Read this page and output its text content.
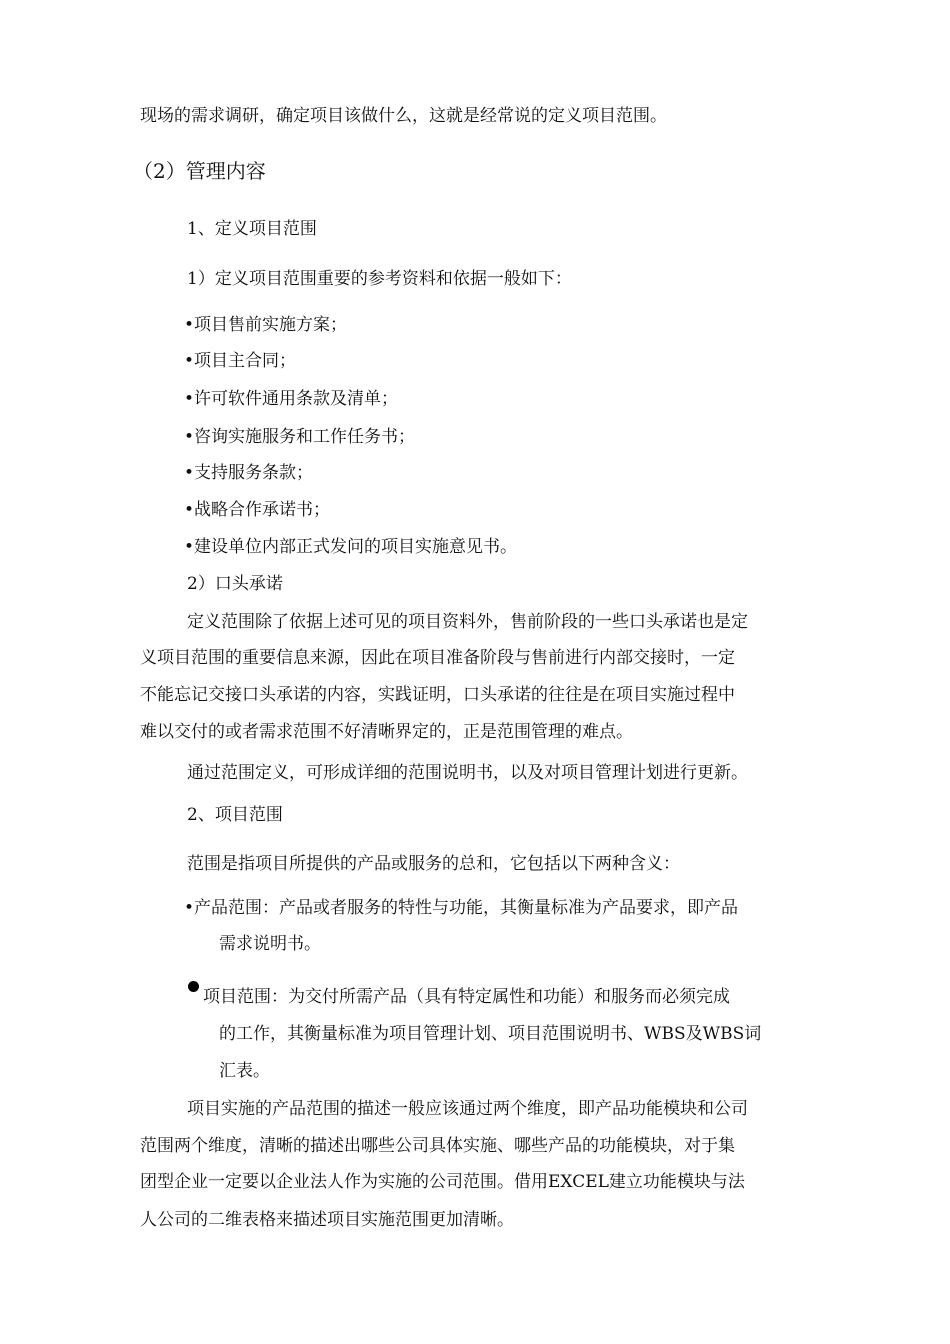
现场的需求调研，确定项目该做什么，这就是经常说的定义项目范围。
（2）管理内容
1、定义项目范围
1）定义项目范围重要的参考资料和依据一般如下：
•项目售前实施方案；
•项目主合同；
•许可软件通用条款及清单；
•咨询实施服务和工作任务书；
•支持服务条款；
•战略合作承诺书；
•建设单位内部正式发问的项目实施意见书。
2）口头承诺
定义范围除了依据上述可见的项目资料外，售前阶段的一些口头承诺也是定
义项目范围的重要信息来源，因此在项目准备阶段与售前进行内部交接时，一定
不能忘记交接口头承诺的内容，实践证明，口头承诺的往往是在项目实施过程中
难以交付的或者需求范围不好清晰界定的，正是范围管理的难点。
通过范围定义，可形成详细的范围说明书，以及对项目管理计划进行更新。
2、项目范围
范围是指项目所提供的产品或服务的总和，它包括以下两种含义：
•产品范围：产品或者服务的特性与功能，其衡量标准为产品要求，即产品
需求说明书。
项目范围：为交付所需产品（具有特定属性和功能）和服务而必须完成
的工作，其衡量标准为项目管理计划、项目范围说明书、WBS及WBS词
汇表。
项目实施的产品范围的描述一般应该通过两个维度，即产品功能模块和公司
范围两个维度，清晰的描述出哪些公司具体实施、哪些产品的功能模块，对于集
团型企业一定要以企业法人作为实施的公司范围。借用EXCEL建立功能模块与法
人公司的二维表格来描述项目实施范围更加清晰。
